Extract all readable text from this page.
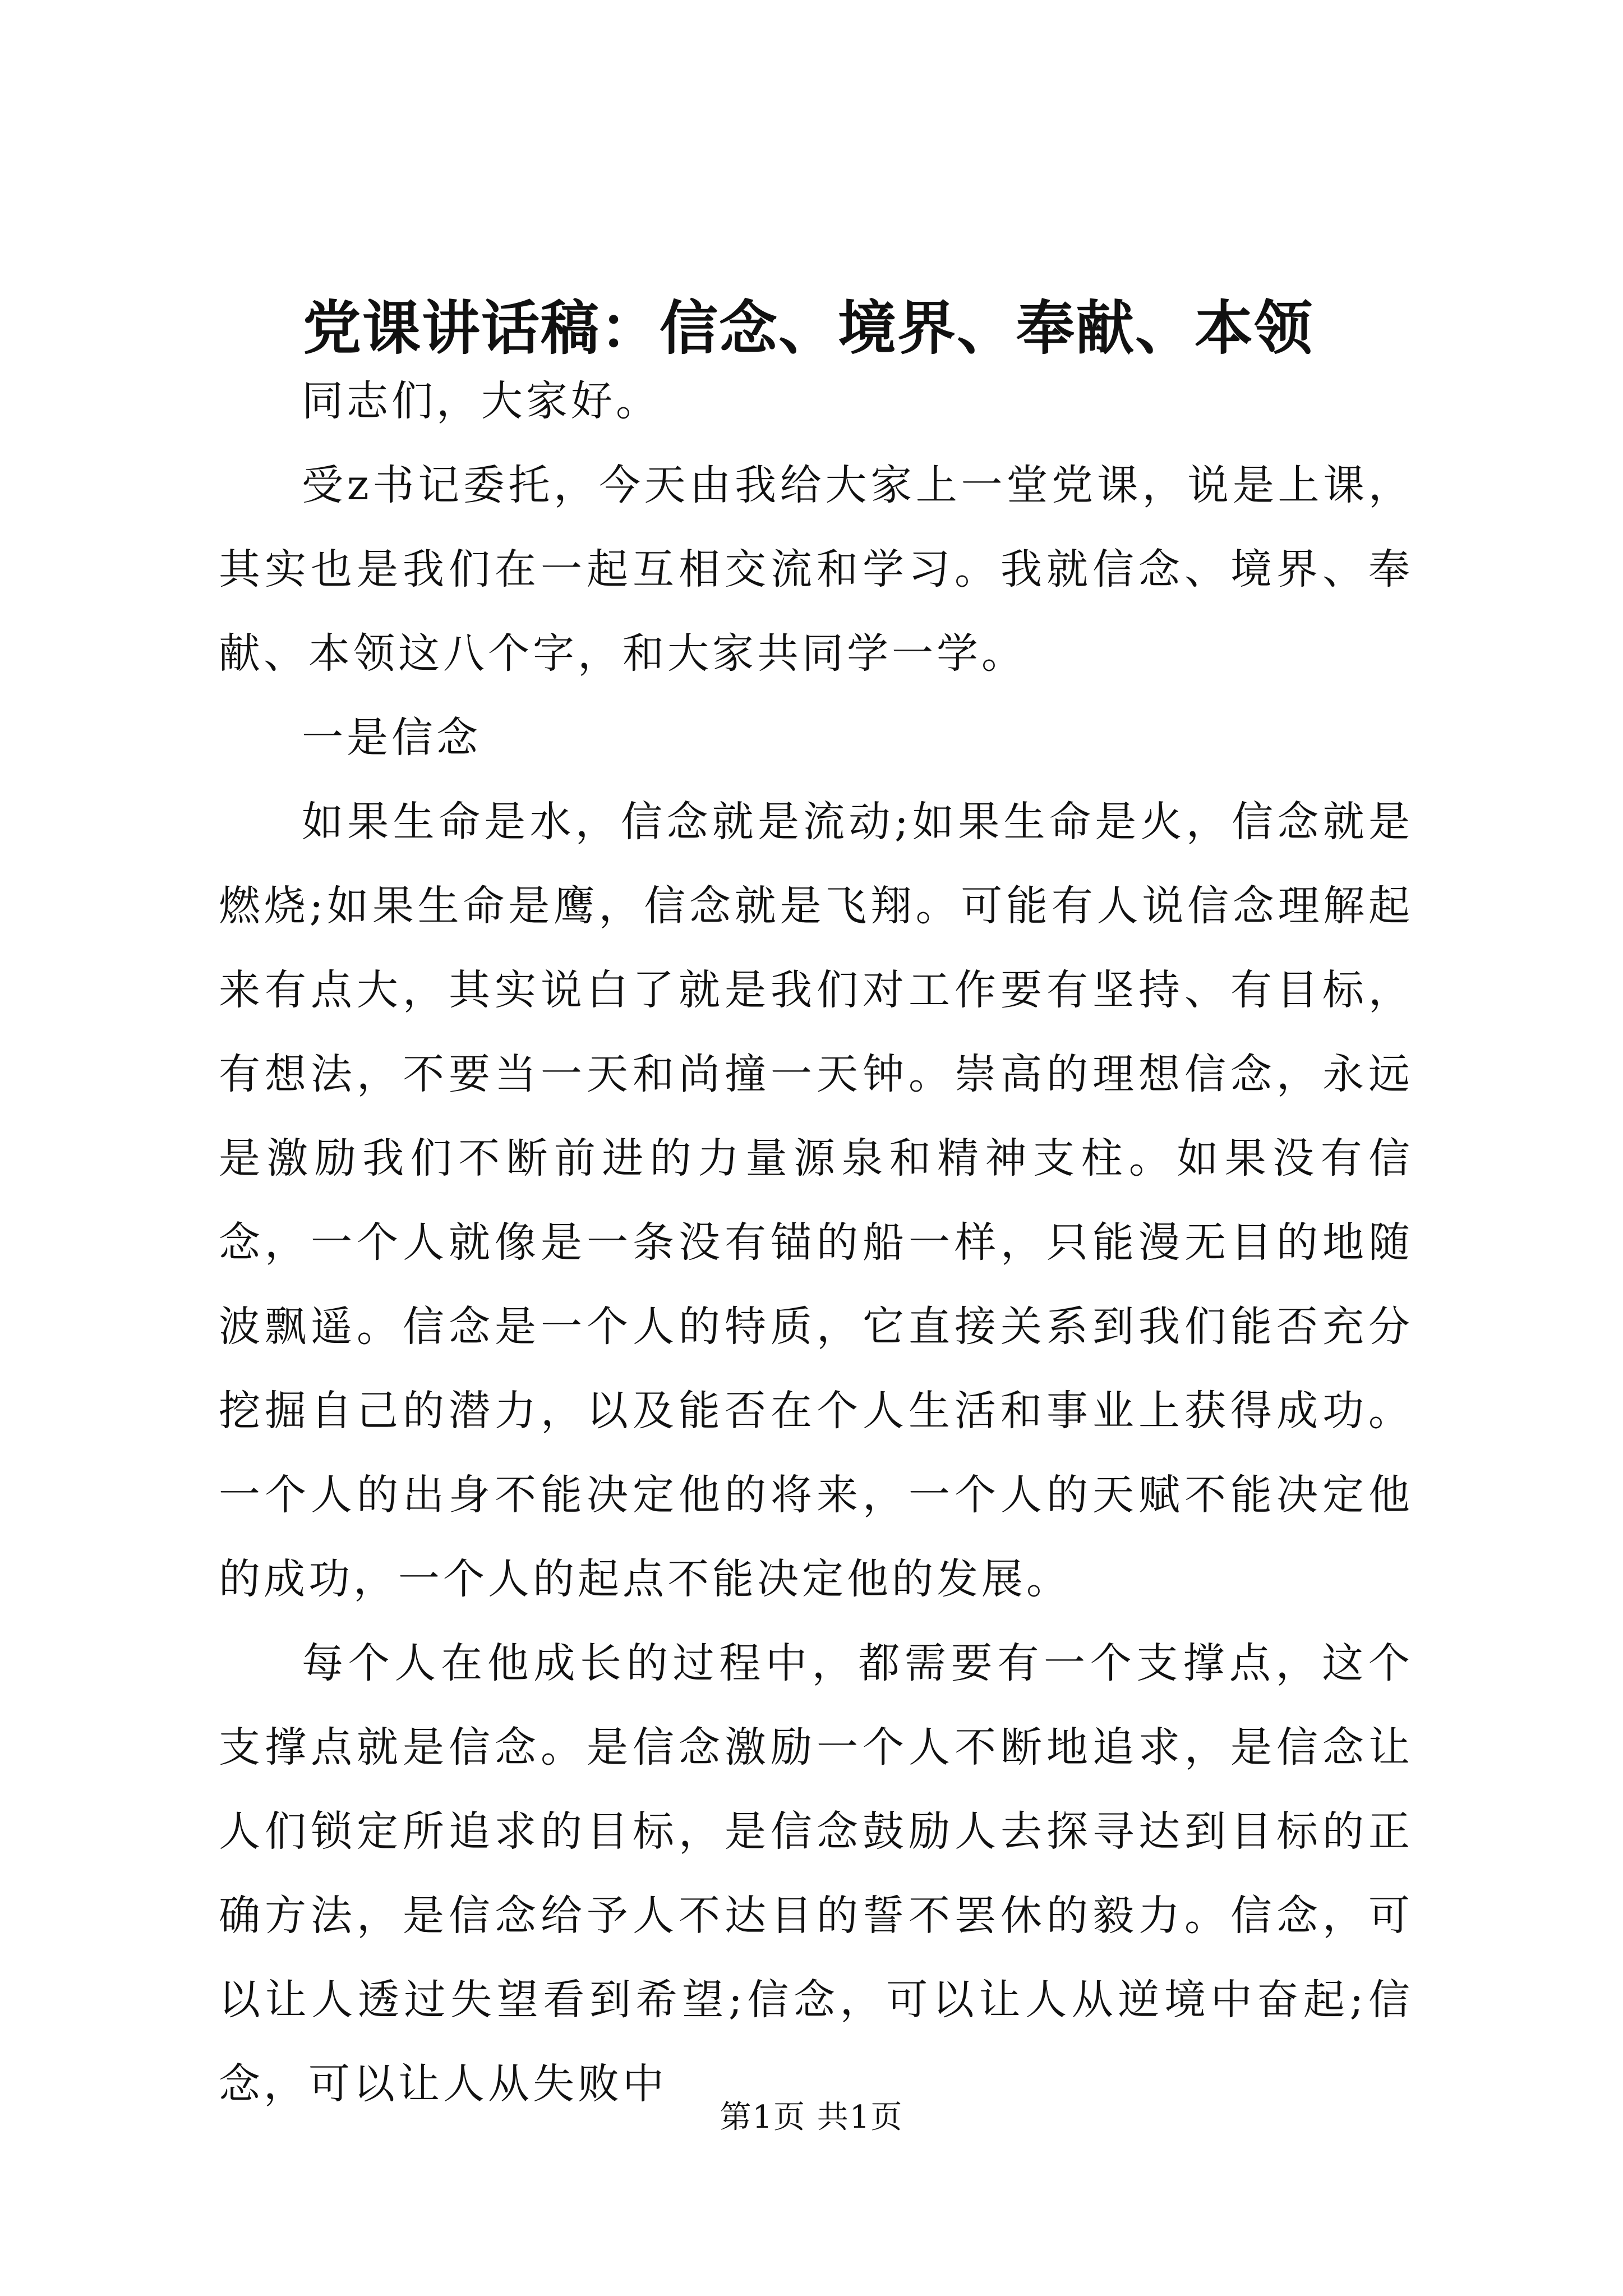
党课讲话稿：信念、境界、奉献、本领

同志们，大家好。

受z书记委托，今天由我给大家上一堂党课，说是上课，其实也是我们在一起互相交流和学习。我就信念、境界、奉献、本领这八个字，和大家共同学一学。

一是信念

如果生命是水，信念就是流动;如果生命是火，信念就是燃烧;如果生命是鹰，信念就是飞翔。可能有人说信念理解起来有点大，其实说白了就是我们对工作要有坚持、有目标，有想法，不要当一天和尚撞一天钟。崇高的理想信念，永远是激励我们不断前进的力量源泉和精神支柱。如果没有信念，一个人就像是一条没有锚的船一样，只能漫无目的地随波飘遥。信念是一个人的特质，它直接关系到我们能否充分挖掘自己的潜力，以及能否在个人生活和事业上获得成功。一个人的出身不能决定他的将来，一个人的天赋不能决定他的成功，一个人的起点不能决定他的发展。

每个人在他成长的过程中，都需要有一个支撑点，这个支撑点就是信念。是信念激励一个人不断地追求，是信念让人们锁定所追求的目标，是信念鼓励人去探寻达到目标的正确方法，是信念给予人不达目的誓不罢休的毅力。信念，可以让人透过失望看到希望;信念，可以让人从逆境中奋起;信念，可以让人从失败中

第1页 共1页
